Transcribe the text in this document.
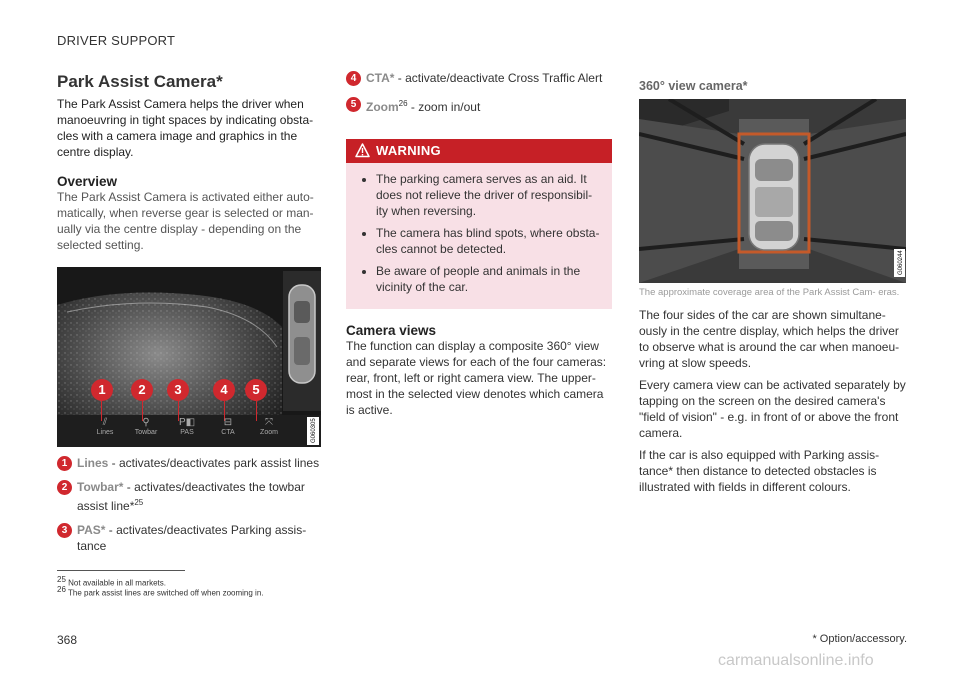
DRIVER SUPPORT
Park Assist Camera*

The Park Assist Camera helps the driver when manoeuvring in tight spaces by indicating obsta- cles with a camera image and graphics in the centre display.

Overview

The Park Assist Camera is activated either auto- matically, when reverse gear is selected or man- ually via the centre display - depending on the selected setting.

G060305
1	2	3	4	5
⫽
Lines
⚲
Towbar
P◧
PAS
⊟
CTA
⤧
Zoom
1 Lines - activates/deactivates park assist lines
2 Towbar* - activates/deactivates the towbar assist line*$^{25}$
3 PAS* - activates/deactivates Parking assis- tance
4 CTA* - activate/deactivate Cross Traffic Alert
5 Zoom$^{26}$ - zoom in/out
WARNING
• The parking camera serves as an aid. It does not relieve the driver of responsibil- ity when reversing.
• The camera has blind spots, where obsta- cles cannot be detected.
• Be aware of people and animals in the vicinity of the car.
Camera views

The function can display a composite 360° view and separate views for each of the four cameras: rear, front, left or right camera view. The upper- most in the selected view denotes which camera is active.

360° view camera*
G060244
The approximate coverage area of the Park Assist Cam- eras.

The four sides of the car are shown simultane- ously in the centre display, which helps the driver to observe what is around the car when manoeu- vring at slow speeds.

Every camera view can be activated separately by tapping on the screen on the desired camera's "field of vision" - e.g. in front of or above the front camera.

If the car is also equipped with Parking assis- tance* then distance to detected obstacles is illustrated with fields in different colours.

$^{25}$ Not available in all markets.
$^{26}$ The park assist lines are switched off when zooming in.
368	* Option/accessory.
carmanualsonline.info
